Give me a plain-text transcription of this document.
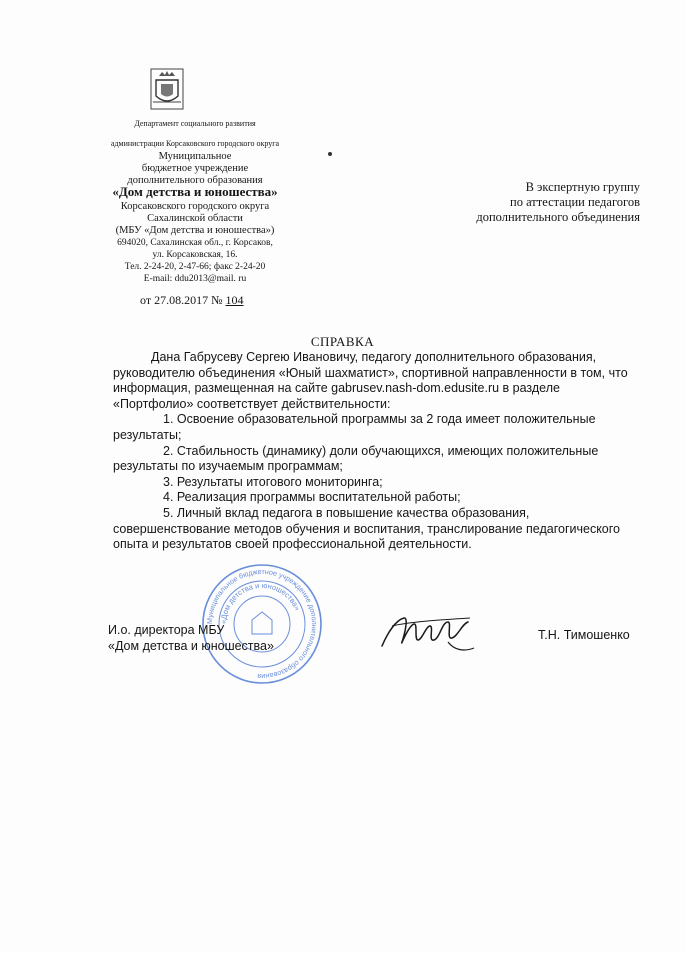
Департамент социального развития
администрации Корсаковского городского округа
Муниципальное
бюджетное учреждение
дополнительного образования
«Дом детства и юношества»
Корсаковского городского округа
Сахалинской области
(МБУ «Дом детства и юношества»)
694020, Сахалинская обл., г. Корсаков,
ул. Корсаковская, 16.
Тел. 2-24-20, 2-47-66; факс 2-24-20
E-mail: ddu2013@mail. ru
от 27.08.2017 № 104
В экспертную группу
по аттестации педагогов
дополнительного объединения
СПРАВКА

Дана Габрусеву Сергею Ивановичу, педагогу дополнительного образования, руководителю объединения «Юный шахматист», спортивной направленности в том, что информация, размещенная на сайте gabrusev.nash-dom.edusite.ru в разделе «Портфолио» соответствует действительности:

1. Освоение образовательной программы за 2 года имеет положительные результаты;

2. Стабильность (динамику) доли обучающихся, имеющих положительные результаты по изучаемым программам;

3. Результаты итогового мониторинга;

4. Реализация программы воспитательной работы;

5. Личный вклад педагога в повышение качества образования, совершенствование методов обучения и воспитания, транслирование педагогического опыта и результатов своей профессиональной деятельности.

Муниципальное бюджетное учреждение дополнительного образования
«Дом детства и юношества»
И.о. директора МБУ
«Дом детства и юношества»
Т.Н. Тимошенко
